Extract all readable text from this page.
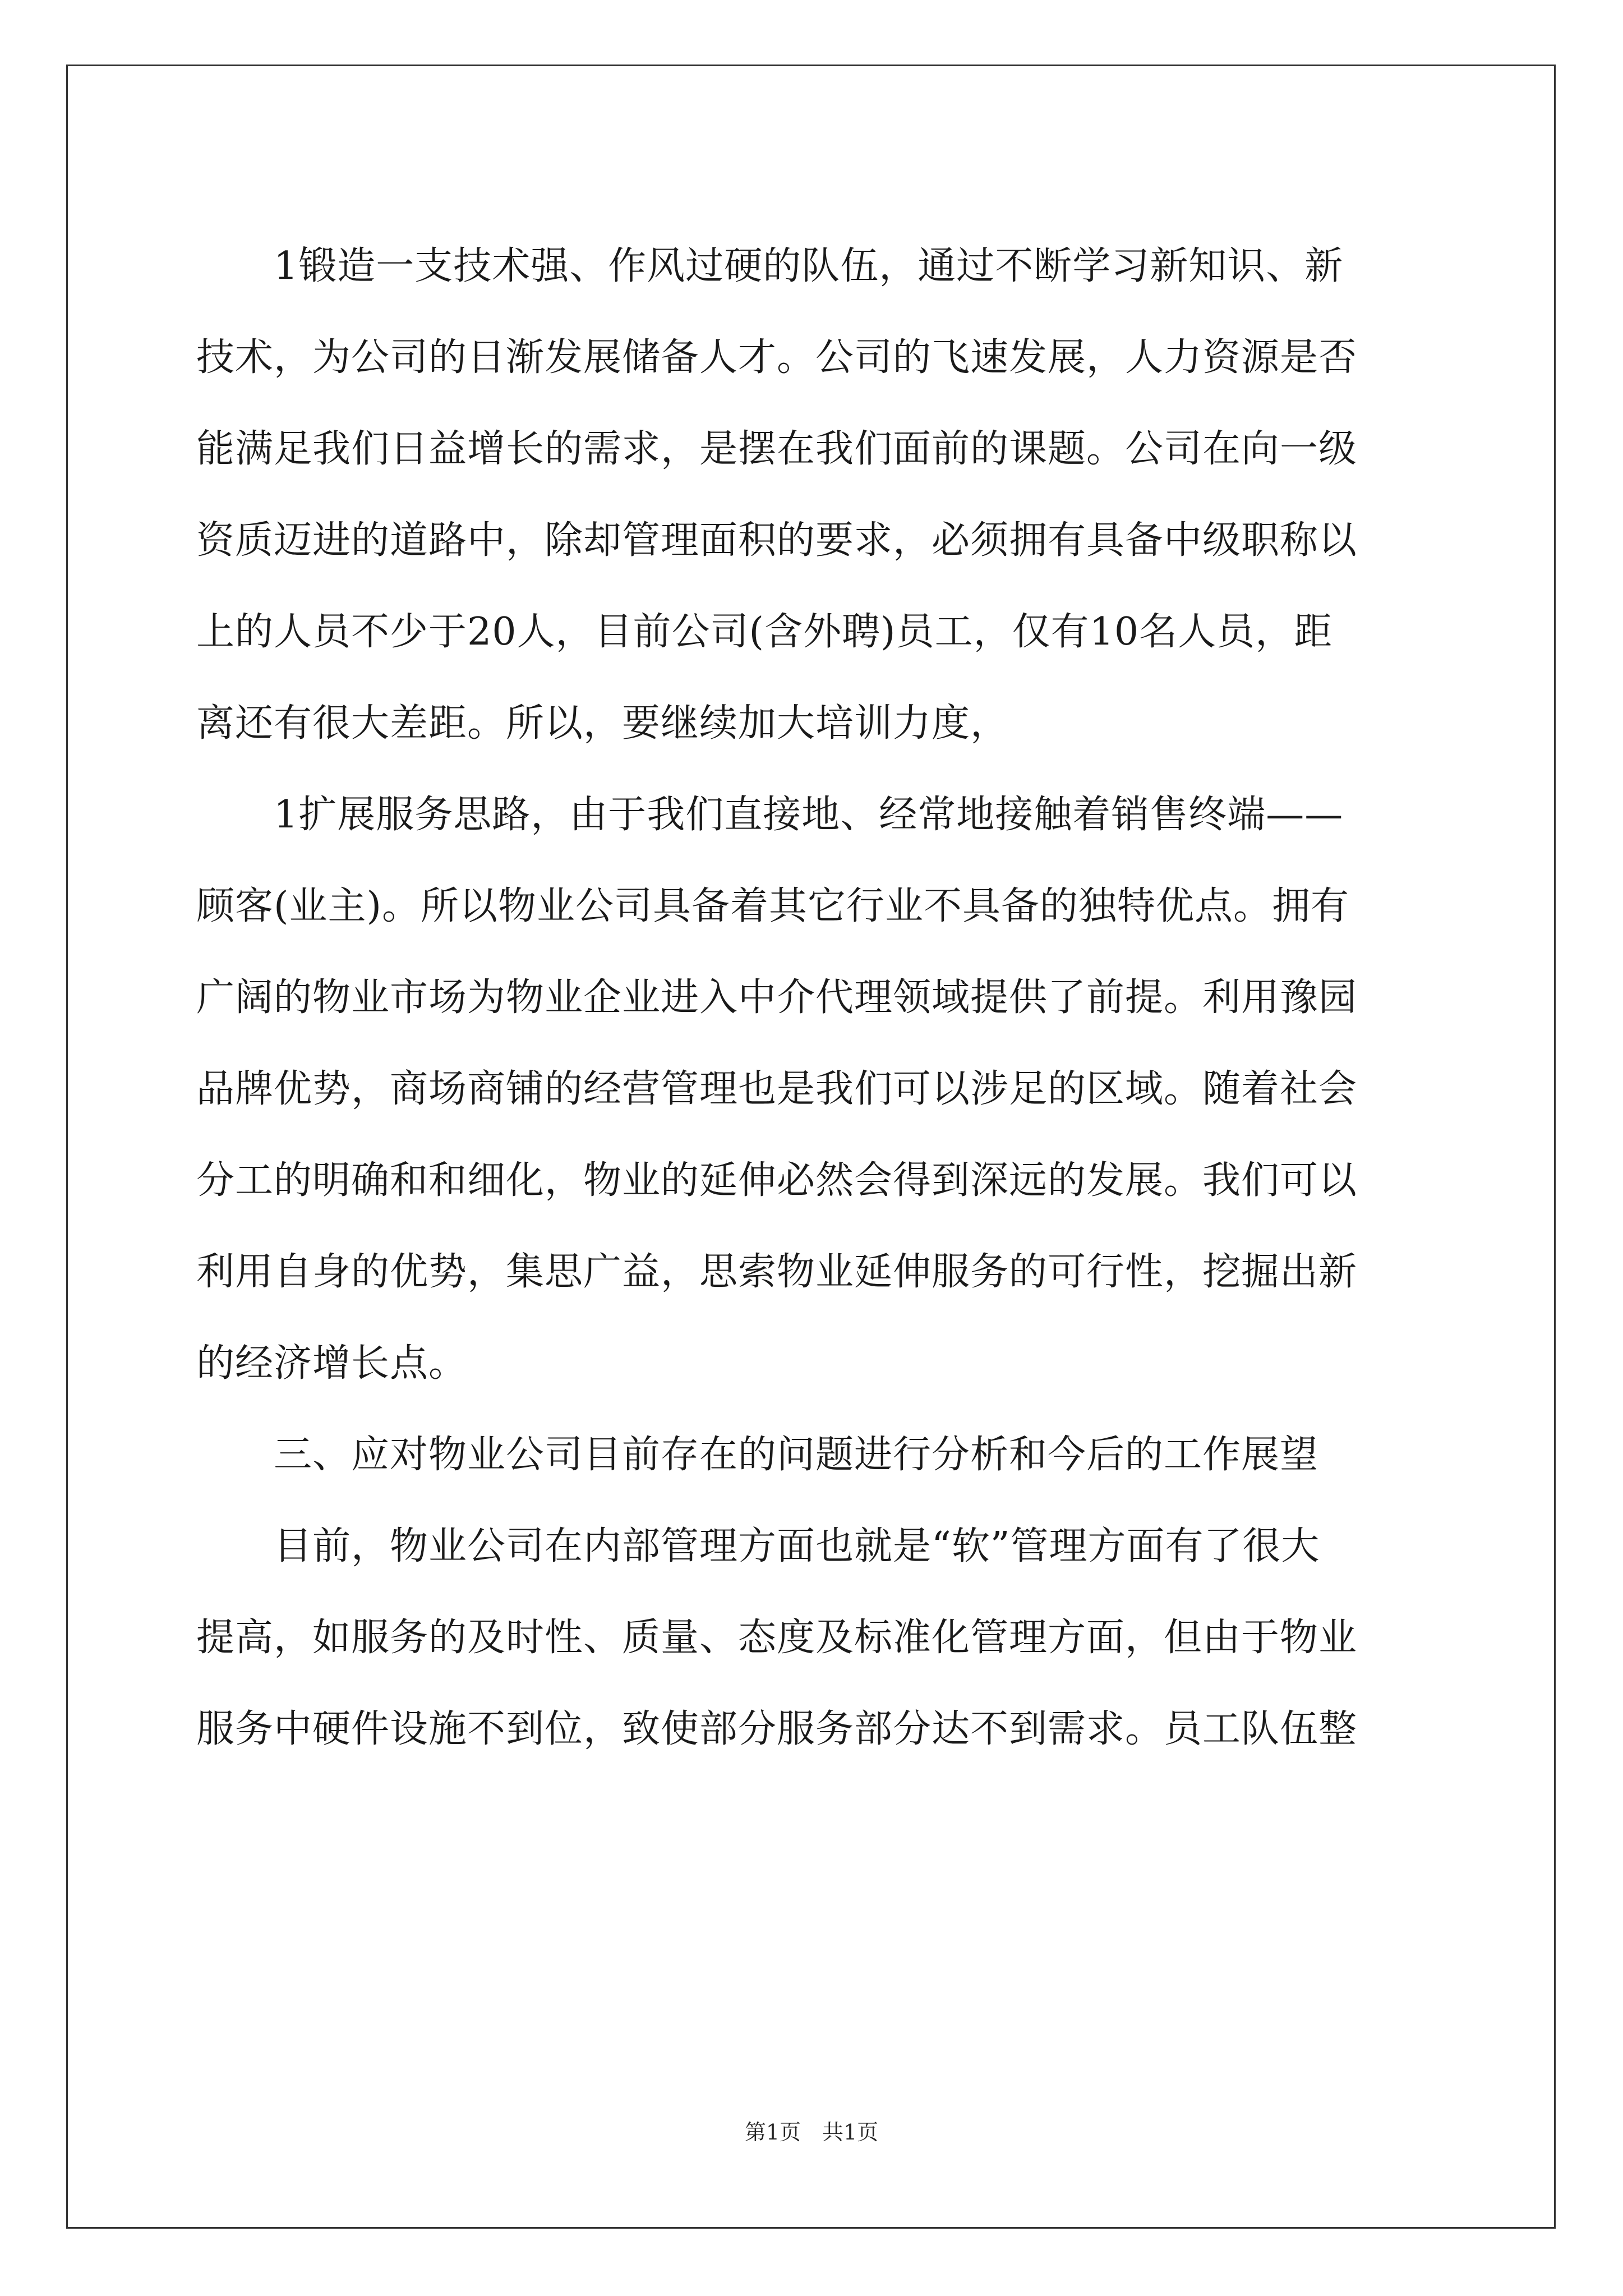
　　1锻造一支技术强、作风过硬的队伍，通过不断学习新知识、新
技术，为公司的日渐发展储备人才。公司的飞速发展，人力资源是否
能满足我们日益增长的需求，是摆在我们面前的课题。公司在向一级
资质迈进的道路中，除却管理面积的要求，必须拥有具备中级职称以
上的人员不少于20人，目前公司(含外聘)员工，仅有10名人员，距
离还有很大差距。所以，要继续加大培训力度，
　　1扩展服务思路，由于我们直接地、经常地接触着销售终端——
顾客(业主)。所以物业公司具备着其它行业不具备的独特优点。拥有
广阔的物业市场为物业企业进入中介代理领域提供了前提。利用豫园
品牌优势，商场商铺的经营管理也是我们可以涉足的区域。随着社会
分工的明确和和细化，物业的延伸必然会得到深远的发展。我们可以
利用自身的优势，集思广益，思索物业延伸服务的可行性，挖掘出新
的经济增长点。
　　三、应对物业公司目前存在的问题进行分析和今后的工作展望
　　目前，物业公司在内部管理方面也就是“软”管理方面有了很大
提高，如服务的及时性、质量、态度及标准化管理方面，但由于物业
服务中硬件设施不到位，致使部分服务部分达不到需求。员工队伍整
第1页　共1页
